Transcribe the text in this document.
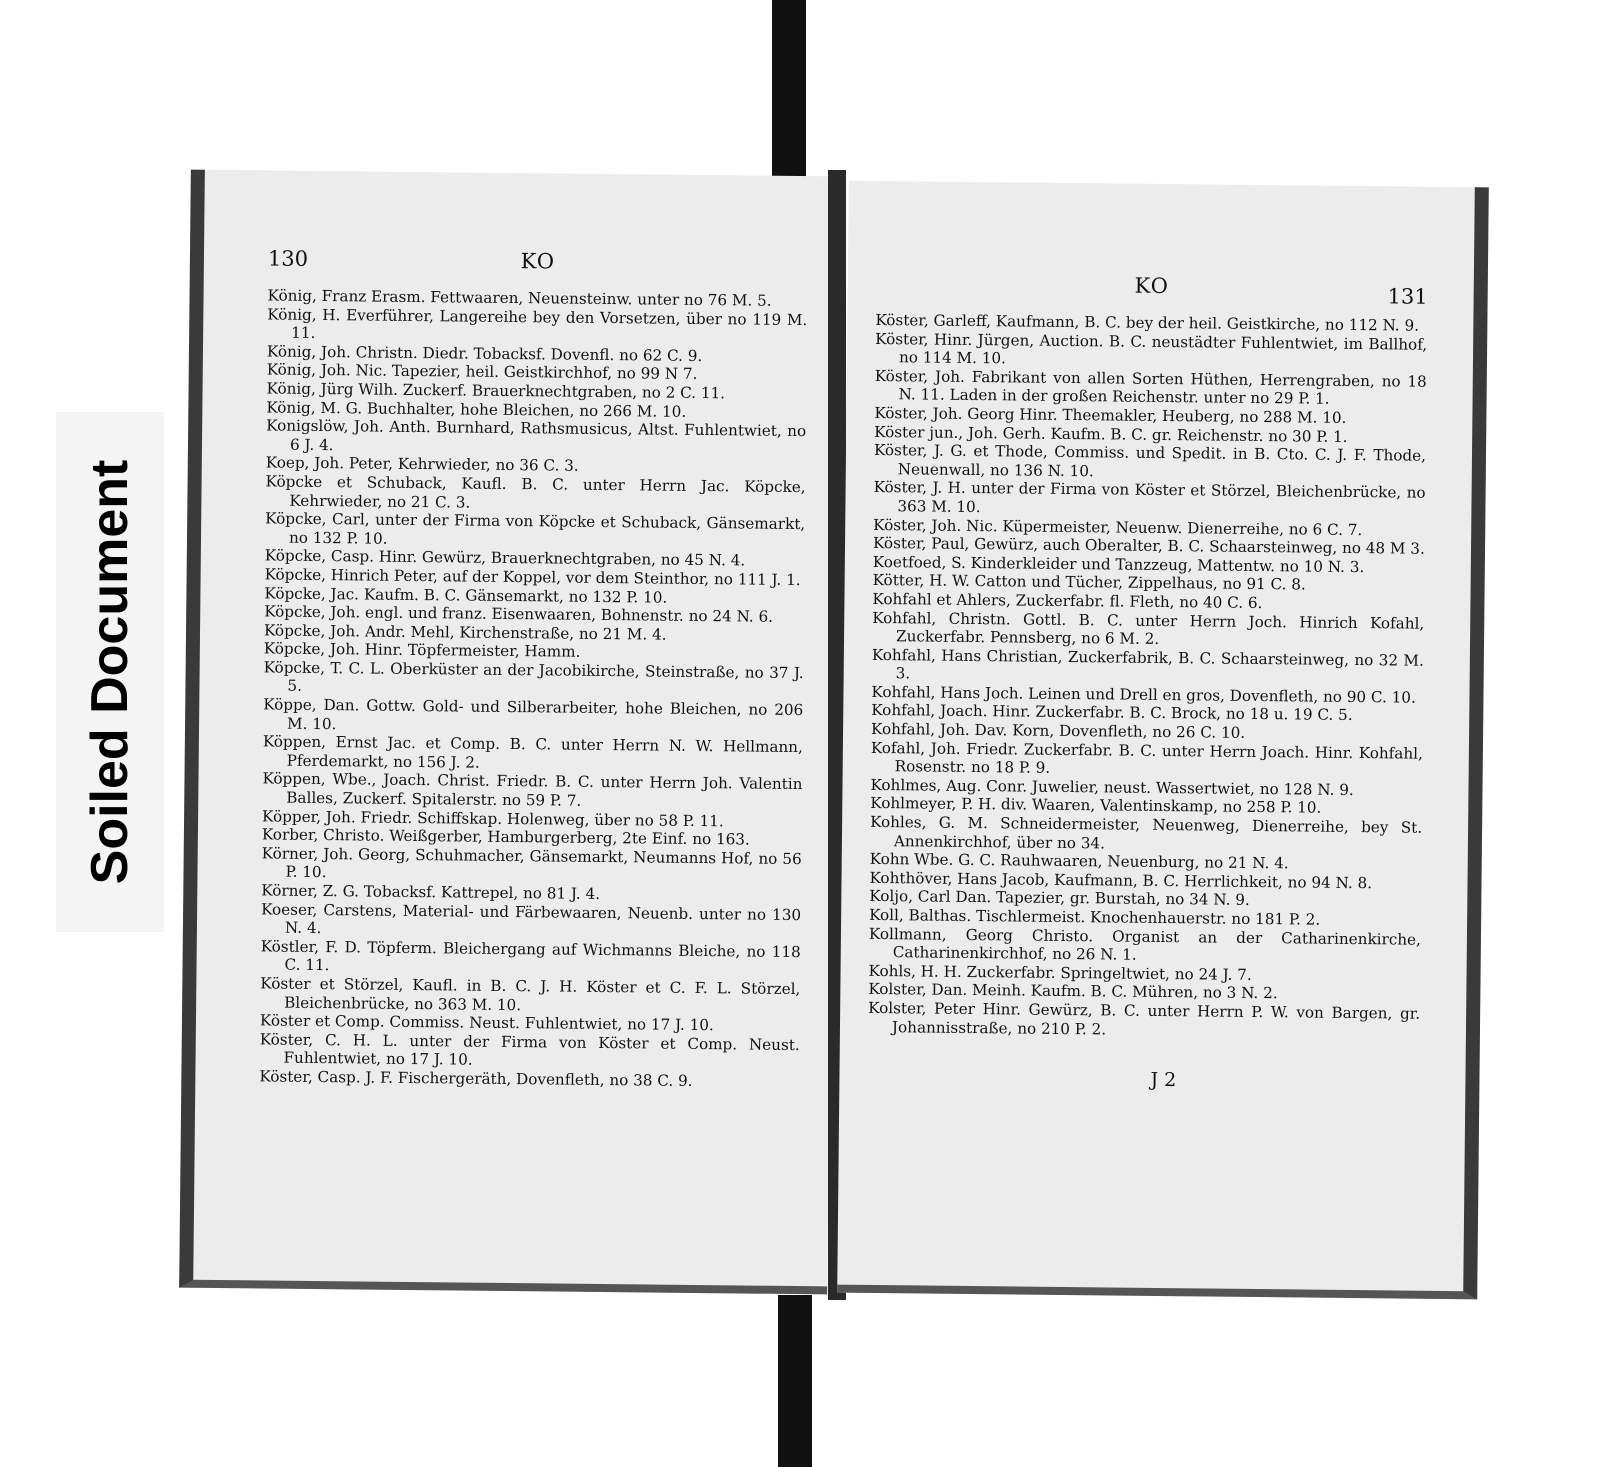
130	KO

König, Franz Erasm. Fettwaaren, Neuensteinw. unter no 76 M. 5.

König, H. Everführer, Langereihe bey den Vorsetzen, über no 119 M. 11.

König, Joh. Christn. Diedr. Tobacksf. Dovenfl. no 62 C. 9.

König, Joh. Nic. Tapezier, heil. Geistkirchhof, no 99 N 7.

König, Jürg Wilh. Zuckerf. Brauerknechtgraben, no 2 C. 11.

König, M. G. Buchhalter, hohe Bleichen, no 266 M. 10.

Konigslöw, Joh. Anth. Burnhard, Rathsmusicus, Altst. Fuhlentwiet, no 6 J. 4.

Koep, Joh. Peter, Kehrwieder, no 36 C. 3.

Köpcke et Schuback, Kaufl. B. C. unter Herrn Jac. Köpcke, Kehrwieder, no 21 C. 3.

Köpcke, Carl, unter der Firma von Köpcke et Schuback, Gänsemarkt, no 132 P. 10.

Köpcke, Casp. Hinr. Gewürz, Brauerknechtgraben, no 45 N. 4.

Köpcke, Hinrich Peter, auf der Koppel, vor dem Steinthor, no 111 J. 1.

Köpcke, Jac. Kaufm. B. C. Gänsemarkt, no 132 P. 10.

Köpcke, Joh. engl. und franz. Eisenwaaren, Bohnenstr. no 24 N. 6.

Köpcke, Joh. Andr. Mehl, Kirchenstraße, no 21 M. 4.

Köpcke, Joh. Hinr. Töpfermeister, Hamm.

Köpcke, T. C. L. Oberküster an der Jacobikirche, Steinstraße, no 37 J. 5.

Köppe, Dan. Gottw. Gold- und Silberarbeiter, hohe Bleichen, no 206 M. 10.

Köppen, Ernst Jac. et Comp. B. C. unter Herrn N. W. Hellmann, Pferdemarkt, no 156 J. 2.

Köppen, Wbe., Joach. Christ. Friedr. B. C. unter Herrn Joh. Valentin Balles, Zuckerf. Spitalerstr. no 59 P. 7.

Köpper, Joh. Friedr. Schiffskap. Holenweg, über no 58 P. 11.

Korber, Christo. Weißgerber, Hamburgerberg, 2te Einf. no 163.

Körner, Joh. Georg, Schuhmacher, Gänsemarkt, Neumanns Hof, no 56 P. 10.

Körner, Z. G. Tobacksf. Kattrepel, no 81 J. 4.

Koeser, Carstens, Material- und Färbewaaren, Neuenb. unter no 130 N. 4.

Köstler, F. D. Töpferm. Bleichergang auf Wichmanns Bleiche, no 118 C. 11.

Köster et Störzel, Kaufl. in B. C. J. H. Köster et C. F. L. Störzel, Bleichenbrücke, no 363 M. 10.

Köster et Comp. Commiss. Neust. Fuhlentwiet, no 17 J. 10.

Köster, C. H. L. unter der Firma von Köster et Comp. Neust. Fuhlentwiet, no 17 J. 10.

Köster, Casp. J. F. Fischergeräth, Dovenfleth, no 38 C. 9.

KO	131

Köster, Garleff, Kaufmann, B. C. bey der heil. Geistkirche, no 112 N. 9.

Köster, Hinr. Jürgen, Auction. B. C. neustädter Fuhlentwiet, im Ballhof, no 114 M. 10.

Köster, Joh. Fabrikant von allen Sorten Hüthen, Herrengraben, no 18 N. 11. Laden in der großen Reichenstr. unter no 29 P. 1.

Köster, Joh. Georg Hinr. Theemakler, Heuberg, no 288 M. 10.

Köster jun., Joh. Gerh. Kaufm. B. C. gr. Reichenstr. no 30 P. 1.

Köster, J. G. et Thode, Commiss. und Spedit. in B. Cto. C. J. F. Thode, Neuenwall, no 136 N. 10.

Köster, J. H. unter der Firma von Köster et Störzel, Bleichenbrücke, no 363 M. 10.

Köster, Joh. Nic. Küpermeister, Neuenw. Dienerreihe, no 6 C. 7.

Köster, Paul, Gewürz, auch Oberalter, B. C. Schaarsteinweg, no 48 M 3.

Koetfoed, S. Kinderkleider und Tanzzeug, Mattentw. no 10 N. 3.

Kötter, H. W. Catton und Tücher, Zippelhaus, no 91 C. 8.

Kohfahl et Ahlers, Zuckerfabr. fl. Fleth, no 40 C. 6.

Kohfahl, Christn. Gottl. B. C. unter Herrn Joch. Hinrich Kofahl, Zuckerfabr. Pennsberg, no 6 M. 2.

Kohfahl, Hans Christian, Zuckerfabrik, B. C. Schaarsteinweg, no 32 M. 3.

Kohfahl, Hans Joch. Leinen und Drell en gros, Dovenfleth, no 90 C. 10.

Kohfahl, Joach. Hinr. Zuckerfabr. B. C. Brock, no 18 u. 19 C. 5.

Kohfahl, Joh. Dav. Korn, Dovenfleth, no 26 C. 10.

Kofahl, Joh. Friedr. Zuckerfabr. B. C. unter Herrn Joach. Hinr. Kohfahl, Rosenstr. no 18 P. 9.

Kohlmes, Aug. Conr. Juwelier, neust. Wassertwiet, no 128 N. 9.

Kohlmeyer, P. H. div. Waaren, Valentinskamp, no 258 P. 10.

Kohles, G. M. Schneidermeister, Neuenweg, Dienerreihe, bey St. Annenkirchhof, über no 34.

Kohn Wbe. G. C. Rauhwaaren, Neuenburg, no 21 N. 4.

Kohthöver, Hans Jacob, Kaufmann, B. C. Herrlichkeit, no 94 N. 8.

Koljo, Carl Dan. Tapezier, gr. Burstah, no 34 N. 9.

Koll, Balthas. Tischlermeist. Knochenhauerstr. no 181 P. 2.

Kollmann, Georg Christo. Organist an der Catharinenkirche, Catharinenkirchhof, no 26 N. 1.

Kohls, H. H. Zuckerfabr. Springeltwiet, no 24 J. 7.

Kolster, Dan. Meinh. Kaufm. B. C. Mühren, no 3 N. 2.

Kolster, Peter Hinr. Gewürz, B. C. unter Herrn P. W. von Bargen, gr. Johannisstraße, no 210 P. 2.

J 2
Soiled Document
